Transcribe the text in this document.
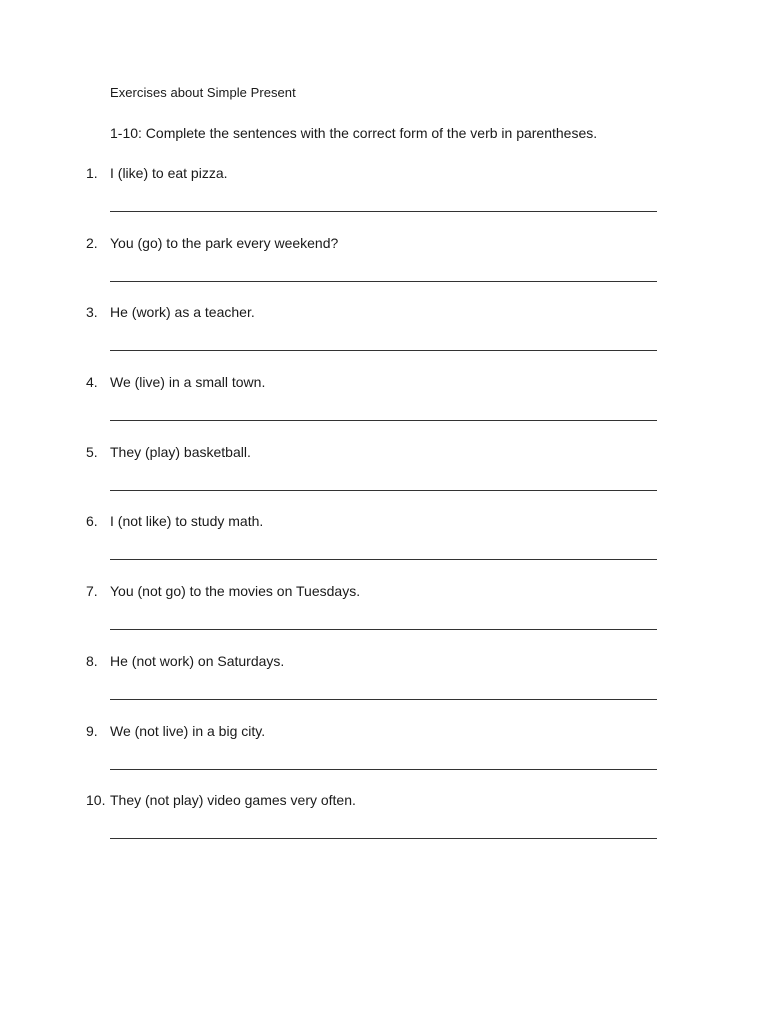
Exercises about Simple Present
1-10: Complete the sentences with the correct form of the verb in parentheses.
1. I (like) to eat pizza.
2. You (go) to the park every weekend?
3. He (work) as a teacher.
4. We (live) in a small town.
5. They (play) basketball.
6. I (not like) to study math.
7. You (not go) to the movies on Tuesdays.
8. He (not work) on Saturdays.
9. We (not live) in a big city.
10. They (not play) video games very often.
